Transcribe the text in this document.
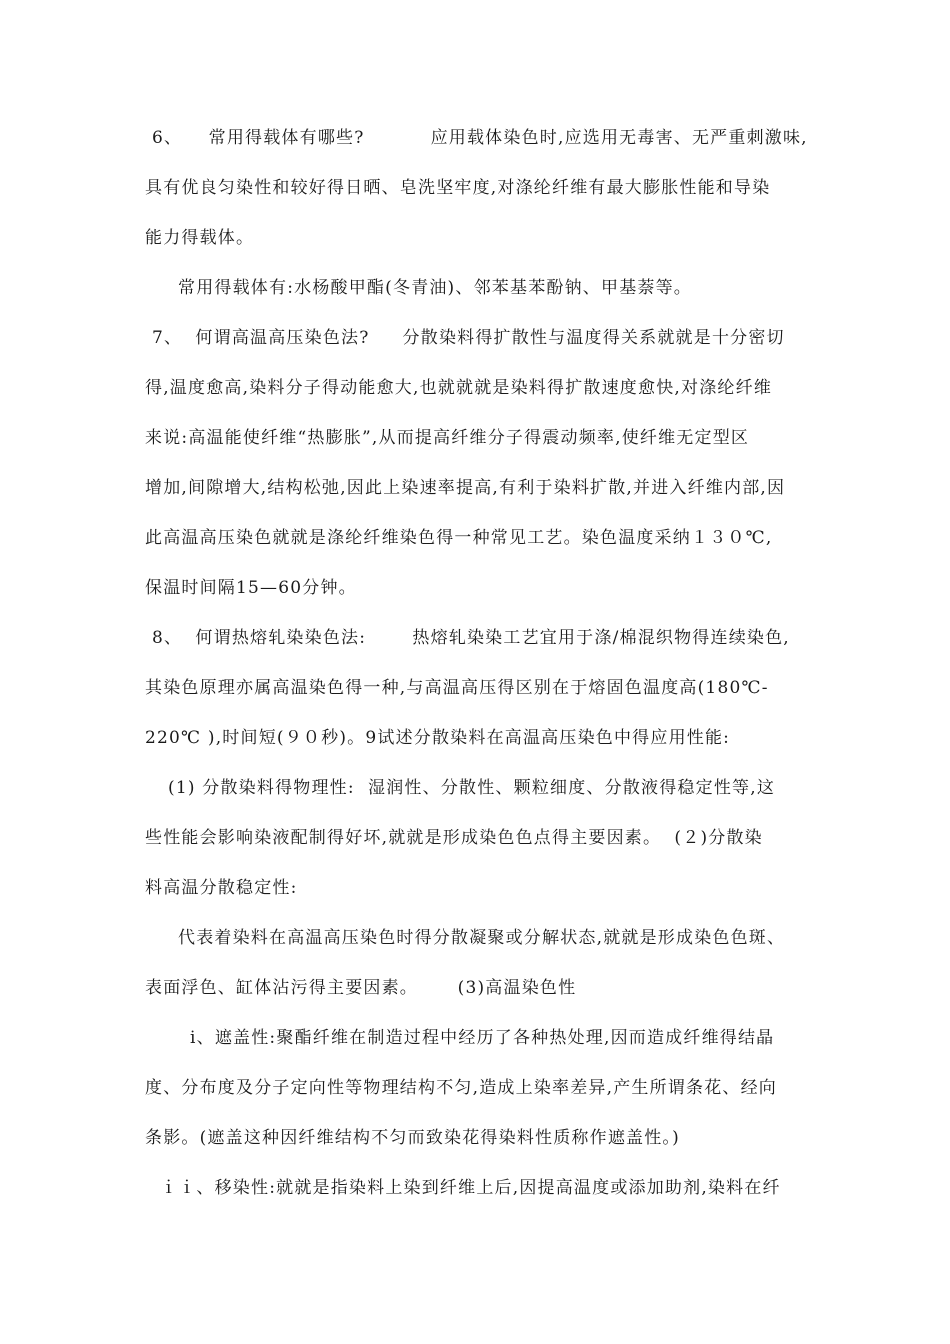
6、    常用得载体有哪些?          应用载体染色时,应选用无毒害、无严重刺激味,
具有优良匀染性和较好得日晒、皂洗坚牢度,对涤纶纤维有最大膨胀性能和导染
能力得载体。
常用得载体有:水杨酸甲酯(冬青油)、邻苯基苯酚钠、甲基萘等。
7、  何谓高温高压染色法?     分散染料得扩散性与温度得关系就就是十分密切
得,温度愈高,染料分子得动能愈大,也就就就是染料得扩散速度愈快,对涤纶纤维
来说:高温能使纤维“热膨胀”,从而提高纤维分子得震动频率,使纤维无定型区
增加,间隙增大,结构松弛,因此上染速率提高,有利于染料扩散,并进入纤维内部,因
此高温高压染色就就是涤纶纤维染色得一种常见工艺。染色温度采纳１３０℃,
保温时间隔15—60分钟。
8、  何谓热熔轧染染色法:       热熔轧染染工艺宜用于涤/棉混织物得连续染色,
其染色原理亦属高温染色得一种,与高温高压得区别在于熔固色温度高(180℃-
220℃ ),时间短(９０秒)。9试述分散染料在高温高压染色中得应用性能:
(1) 分散染料得物理性:  湿润性、分散性、颗粒细度、分散液得稳定性等,这
些性能会影响染液配制得好坏,就就是形成染色色点得主要因素。  (２)分散染
料高温分散稳定性:
代表着染料在高温高压染色时得分散凝聚或分解状态,就就是形成染色色斑、
表面浮色、缸体沾污得主要因素。      (3)高温染色性
i、遮盖性:聚酯纤维在制造过程中经历了各种热处理,因而造成纤维得结晶
度、分布度及分子定向性等物理结构不匀,造成上染率差异,产生所谓条花、经向
条影。(遮盖这种因纤维结构不匀而致染花得染料性质称作遮盖性。)
ｉｉ、移染性:就就是指染料上染到纤维上后,因提高温度或添加助剂,染料在纤
